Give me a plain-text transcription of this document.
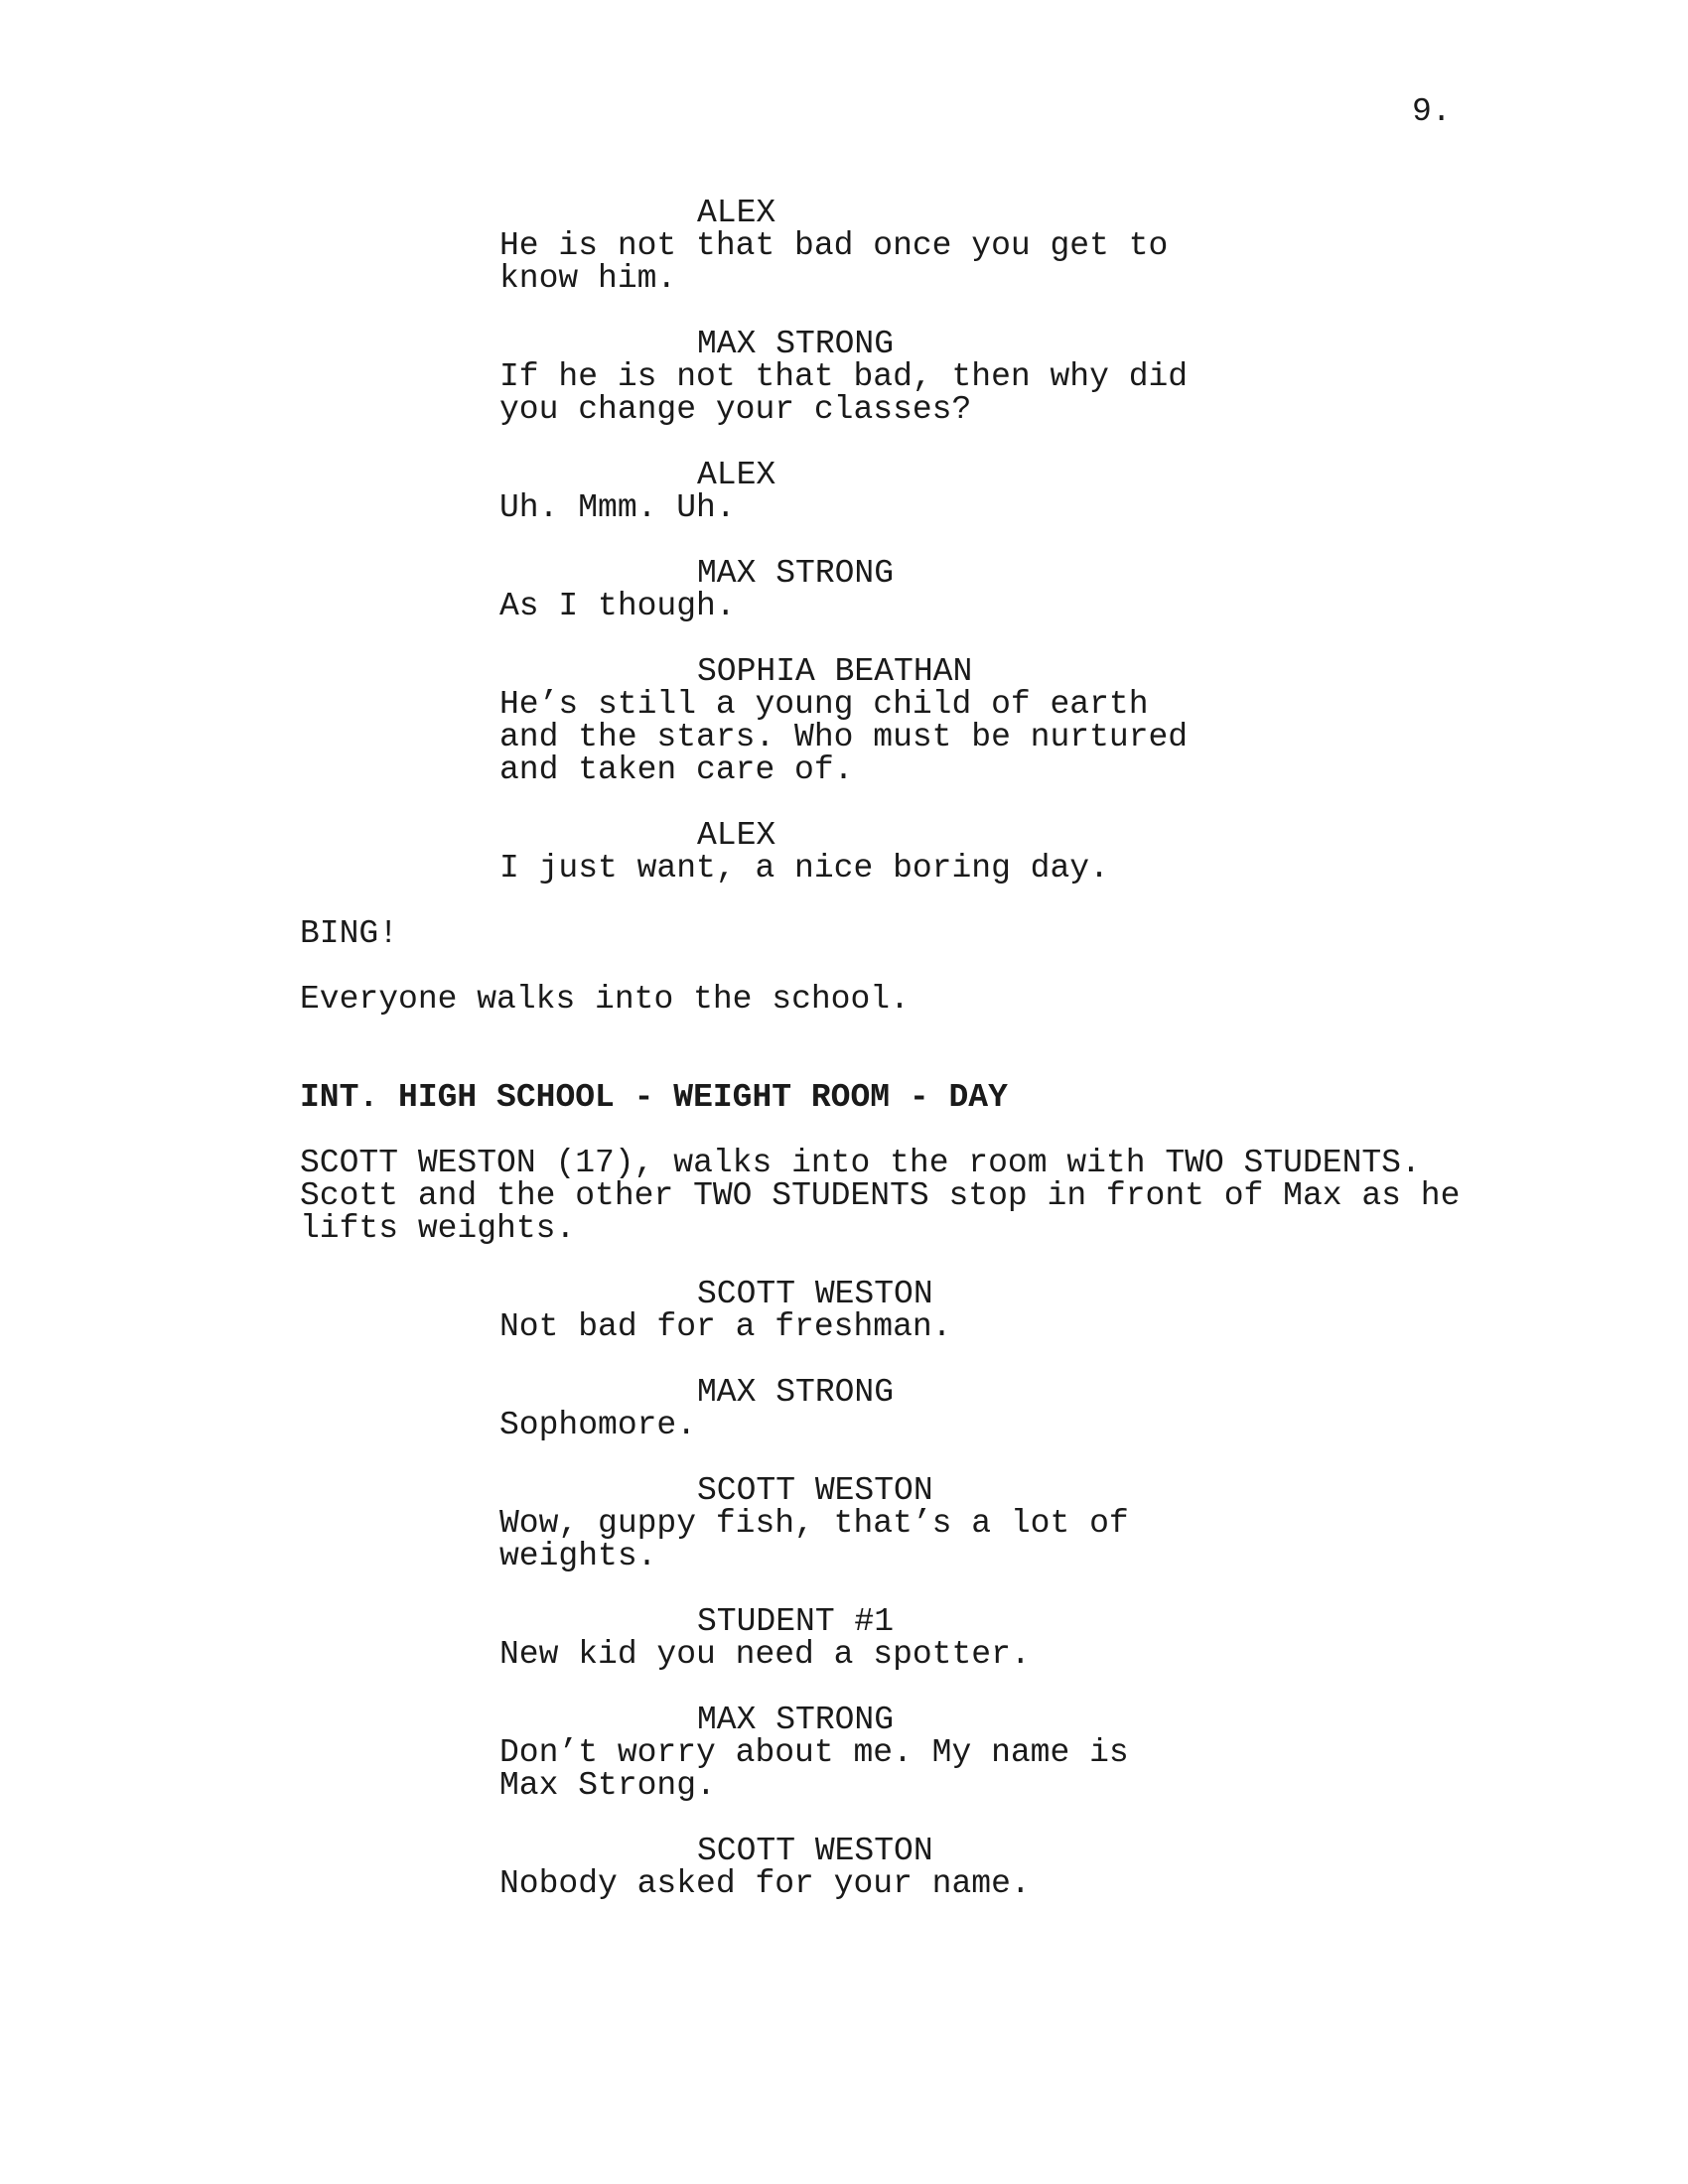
9.

ALEX

He is not that bad once you get to
know him.

MAX STRONG

If he is not that bad, then why did
you change your classes?

ALEX

Uh. Mmm. Uh.

MAX STRONG

As I though.

SOPHIA BEATHAN

He’s still a young child of earth
and the stars. Who must be nurtured
and taken care of.

ALEX

I just want, a nice boring day.

BING!

Everyone walks into the school.

INT. HIGH SCHOOL - WEIGHT ROOM - DAY

SCOTT WESTON (17), walks into the room with TWO STUDENTS.
Scott and the other TWO STUDENTS stop in front of Max as he
lifts weights.

SCOTT WESTON

Not bad for a freshman.

MAX STRONG

Sophomore.

SCOTT WESTON

Wow, guppy fish, that’s a lot of
weights.

STUDENT #1

New kid you need a spotter.

MAX STRONG

Don’t worry about me. My name is
Max Strong.

SCOTT WESTON

Nobody asked for your name.
